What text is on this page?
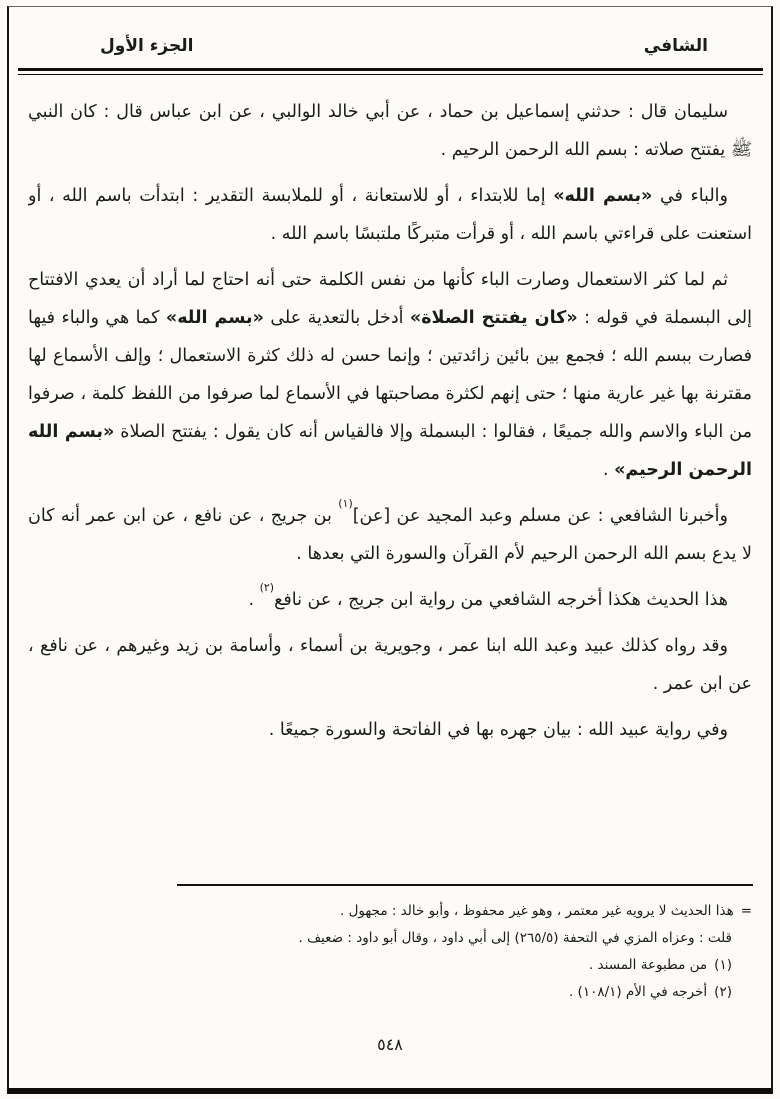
الشافي
الجزء الأول

سليمان قال : حدثني إسماعيل بن حماد ، عن أبي خالد الوالبي ، عن ابن عباس قال : كان النبي ﷺ يفتتح صلاته : بسم الله الرحمن الرحيم .

والباء في «بسم الله» إما للابتداء ، أو للاستعانة ، أو للملابسة التقدير : ابتدأت باسم الله ، أو استعنت على قراءتي باسم الله ، أو قرأت متبركًا ملتبسًا باسم الله .

ثم لما كثر الاستعمال وصارت الباء كأنها من نفس الكلمة حتى أنه احتاج لما أراد أن يعدي الافتتاح إلى البسملة في قوله : «كان يفتتح الصلاة» أدخل بالتعدية على «بسم الله» كما هي والباء فيها فصارت ببسم الله ؛ فجمع بين بائين زائدتين ؛ وإنما حسن له ذلك كثرة الاستعمال ؛ وإلف الأسماع لها مقترنة بها غير عارية منها ؛ حتى إنهم لكثرة مصاحبتها في الأسماع لما صرفوا من اللفظ كلمة ، صرفوا من الباء والاسم والله جميعًا ، فقالوا : البسملة وإلا فالقياس أنه كان يقول : يفتتح الصلاة «بسم الله الرحمن الرحيم» .

وأخبرنا الشافعي : عن مسلم وعبد المجيد عن [عن]$^{(١)}$ بن جريج ، عن نافع ، عن ابن عمر أنه كان لا يدع بسم الله الرحمن الرحيم لأم القرآن والسورة التي بعدها .

هذا الحديث هكذا أخرجه الشافعي من رواية ابن جريج ، عن نافع$^{(٢)}$ .

وقد رواه كذلك عبيد وعبد الله ابنا عمر ، وجويرية بن أسماء ، وأسامة بن زيد وغيرهم ، عن نافع ، عن ابن عمر .

وفي رواية عبيد الله : بيان جهره بها في الفاتحة والسورة جميعًا .

=
هذا الحديث لا يرويه غير معتمر ، وهو غير محفوظ ، وأبو خالد : مجهول .
قلت : وعزاه المزي في التحفة (٢٦٥/٥) إلى أبي داود ، وقال أبو داود : ضعيف .
(١)
من مطبوعة المسند .
(٢)
أخرجه في الأم (١٠٨/١) .
٥٤٨
